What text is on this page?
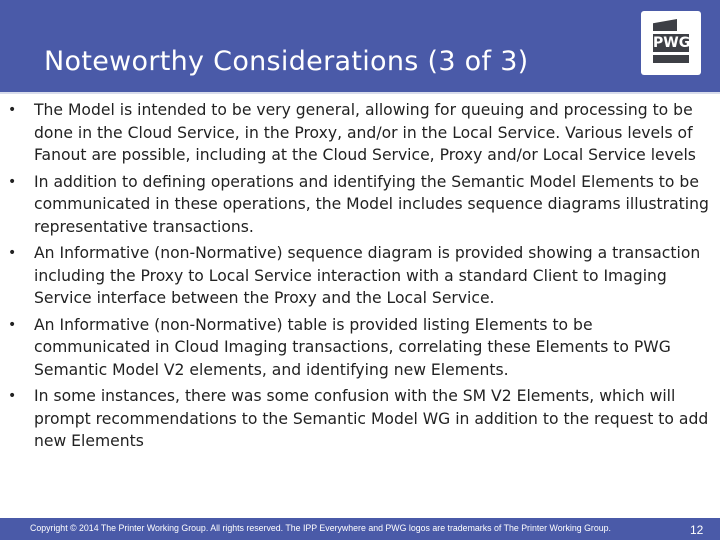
Noteworthy Considerations (3 of 3)
PWG
• The Model is intended to be very general, allowing for queuing and processing to be done in the Cloud Service, in the Proxy, and/or in the Local Service. Various levels of Fanout are possible, including at the Cloud Service, Proxy and/or Local Service levels
• In addition to defining operations and identifying the Semantic Model Elements to be communicated in these operations, the Model includes sequence diagrams illustrating representative transactions.
• An Informative (non-Normative) sequence diagram is provided showing a transaction including the Proxy to Local Service interaction with a standard Client to Imaging Service interface between the Proxy and the Local Service.
• An Informative (non-Normative) table is provided listing Elements to be communicated in Cloud Imaging transactions, correlating these Elements to PWG Semantic Model V2 elements, and identifying new Elements.
• In some instances, there was some confusion with the SM V2 Elements, which will prompt recommendations to the Semantic Model WG in addition to the request to add new Elements
Copyright © 2014 The Printer Working Group. All rights reserved. The IPP Everywhere and PWG logos are trademarks of The Printer Working Group.	12
